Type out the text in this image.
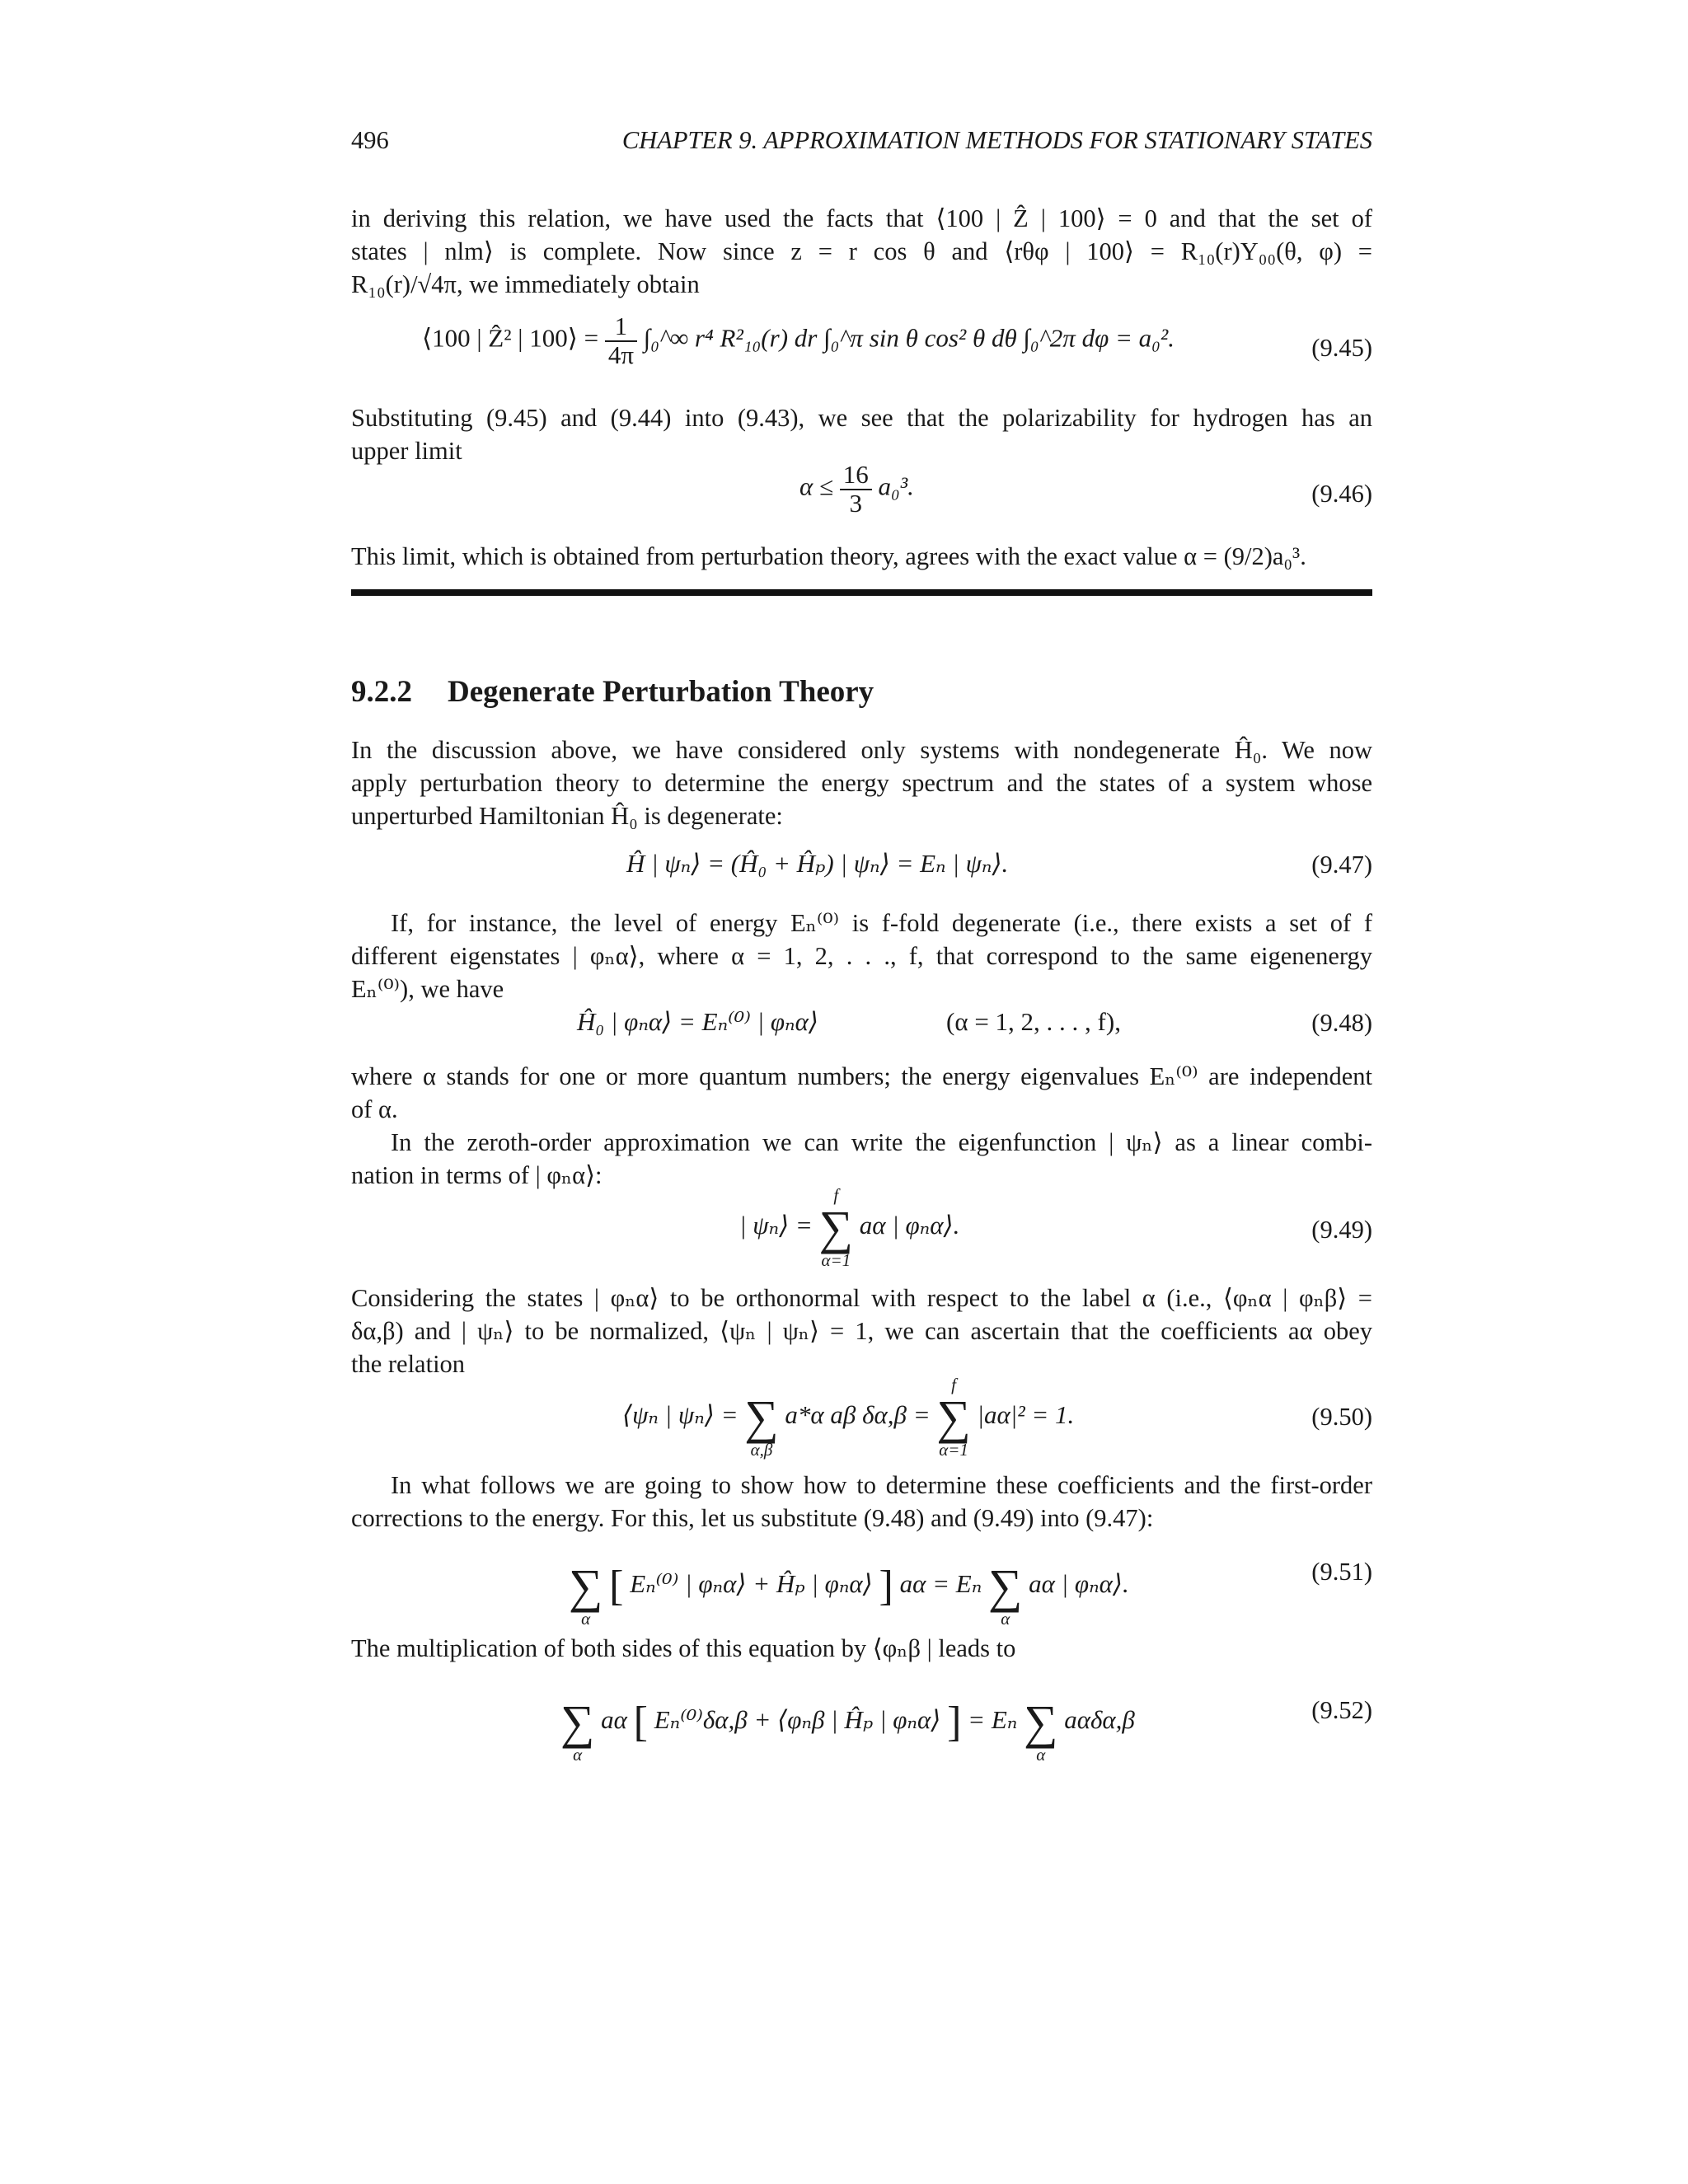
496	CHAPTER 9. APPROXIMATION METHODS FOR STATIONARY STATES
in deriving this relation, we have used the facts that ⟨100 | Ẑ | 100⟩ = 0 and that the set of
states | nlm⟩ is complete. Now since z = r cos θ and ⟨rθφ | 100⟩ = R₁₀(r)Y₀₀(θ, φ) =
R₁₀(r)/√4π, we immediately obtain
⟨100 | Ẑ² | 100⟩ = $\frac{1}{4\pi}$ ∫₀^∞ r⁴ R²₁₀(r) dr ∫₀^π sin θ cos² θ dθ ∫₀^2π dφ = a₀².	(9.45)
Substituting (9.45) and (9.44) into (9.43), we see that the polarizability for hydrogen has an
upper limit
$\alpha \le \frac{16}{3} a_0^3$.	(9.46)
This limit, which is obtained from perturbation theory, agrees with the exact value α = (9/2)a₀³.
9.2.2 Degenerate Perturbation Theory
In the discussion above, we have considered only systems with nondegenerate Ĥ₀. We now
apply perturbation theory to determine the energy spectrum and the states of a system whose
unperturbed Hamiltonian Ĥ₀ is degenerate:
Ĥ | ψₙ⟩ = (Ĥ₀ + Ĥₚ) | ψₙ⟩ = Eₙ | ψₙ⟩.	(9.47)
If, for instance, the level of energy Eₙ⁽⁰⁾ is f-fold degenerate (i.e., there exists a set of f
different eigenstates | φₙα⟩, where α = 1, 2, . . ., f, that correspond to the same eigenenergy
Eₙ⁽⁰⁾), we have
Ĥ₀ | φₙα⟩ = Eₙ⁽⁰⁾ | φₙα⟩	(α = 1, 2, . . . , f),	(9.48)
where α stands for one or more quantum numbers; the energy eigenvalues Eₙ⁽⁰⁾ are independent
of α.
In the zeroth-order approximation we can write the eigenfunction | ψₙ⟩ as a linear combi-
nation in terms of | φₙα⟩:
| ψₙ⟩ =
f
∑
α=1
aα | φₙα⟩.	(9.49)
Considering the states | φₙα⟩ to be orthonormal with respect to the label α (i.e., ⟨φₙα | φₙβ⟩ =
δα,β) and | ψₙ⟩ to be normalized, ⟨ψₙ | ψₙ⟩ = 1, we can ascertain that the coefficients aα obey
the relation
⟨ψₙ | ψₙ⟩ =
∑
α,β
a*α aβ δα,β =
f
∑
α=1
|aα|² = 1.	(9.50)
In what follows we are going to show how to determine these coefficients and the first-order
corrections to the energy. For this, let us substitute (9.48) and (9.49) into (9.47):

∑
α
[ Eₙ⁽⁰⁾ | φₙα⟩ + Ĥₚ | φₙα⟩ ] aα = Eₙ
∑
α
aα | φₙα⟩.	(9.51)
The multiplication of both sides of this equation by ⟨φₙβ | leads to

∑
α
aα [ Eₙ⁽⁰⁾δα,β + ⟨φₙβ | Ĥₚ | φₙα⟩ ] = Eₙ
∑
α
aαδα,β	(9.52)
